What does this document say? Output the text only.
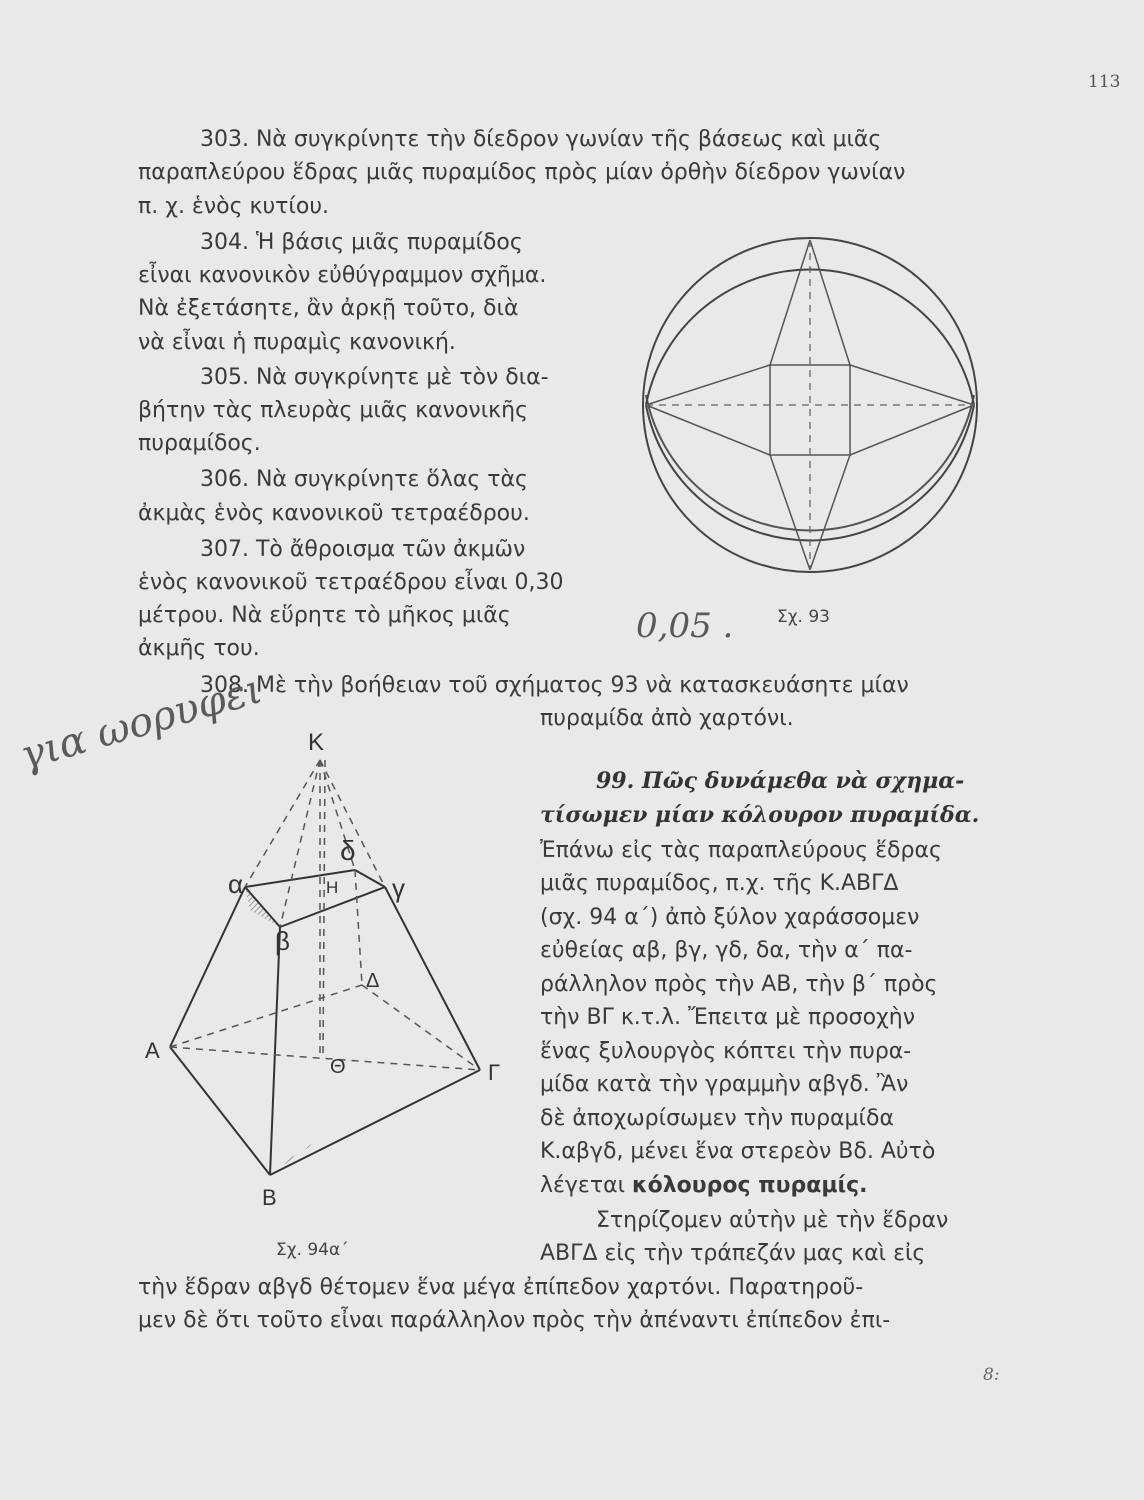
113
303. Νὰ συγκρίνητε τὴν δίεδρον γωνίαν τῆς βάσεως καὶ μιᾶς
παραπλεύρου ἕδρας μιᾶς πυραμίδος πρὸς μίαν ὀρθὴν δίεδρον γωνίαν
π. χ. ἑνὸς κυτίου.
304. Ἡ βάσις μιᾶς πυραμίδος
εἶναι κανονικὸν εὐθύγραμμον σχῆμα.
Νὰ ἐξετάσητε, ἂν ἀρκῇ τοῦτο, διὰ
νὰ εἶναι ἡ πυραμὶς κανονική.
305. Νὰ συγκρίνητε μὲ τὸν δια-
βήτην τὰς πλευρὰς μιᾶς κανονικῆς
πυραμίδος.
306. Νὰ συγκρίνητε ὅλας τὰς
ἀκμὰς ἑνὸς κανονικοῦ τετραέδρου.
307. Τὸ ἄθροισμα τῶν ἀκμῶν
ἑνὸς κανονικοῦ τετραέδρου εἶναι 0,30
μέτρου. Νὰ εὕρητε τὸ μῆκος μιᾶς
ἀκμῆς του.
0,05 .
308. Μὲ τὴν βοήθειαν τοῦ σχήματος 93 νὰ κατασκευάσητε μίαν
πυραμίδα ἀπὸ χαρτόνι.
Σχ. 93
Κ
α
β
γ
δ
Η
Α
Β
Γ
Δ
Θ
Σχ. 94α΄
για ωορυφει
99. Πῶς δυνάμεθα νὰ σχημα-
τίσωμεν μίαν κόλουρον πυραμίδα.
Ἐπάνω εἰς τὰς παραπλεύρους ἕδρας
μιᾶς πυραμίδος, π.χ. τῆς Κ.ΑΒΓΔ
(σχ. 94 α΄) ἀπὸ ξύλον χαράσσομεν
εὐθείας αβ, βγ, γδ, δα, τὴν α΄ πα-
ράλληλον πρὸς τὴν ΑΒ, τὴν β΄ πρὸς
τὴν ΒΓ κ.τ.λ. Ἔπειτα μὲ προσοχὴν
ἕνας ξυλουργὸς κόπτει τὴν πυρα-
μίδα κατὰ τὴν γραμμὴν αβγδ. Ἂν
δὲ ἀποχωρίσωμεν τὴν πυραμίδα
Κ.αβγδ, μένει ἕνα στερεὸν Βδ. Αὐτὸ
λέγεται κόλουρος πυραμίς.
Στηρίζομεν αὐτὴν μὲ τὴν ἕδραν
ΑΒΓΔ εἰς τὴν τράπεζάν μας καὶ εἰς
τὴν ἕδραν αβγδ θέτομεν ἕνα μέγα ἐπίπεδον χαρτόνι. Παρατηροῦ-
μεν δὲ ὅτι τοῦτο εἶναι παράλληλον πρὸς τὴν ἀπέναντι ἐπίπεδον ἐπι-
8:
